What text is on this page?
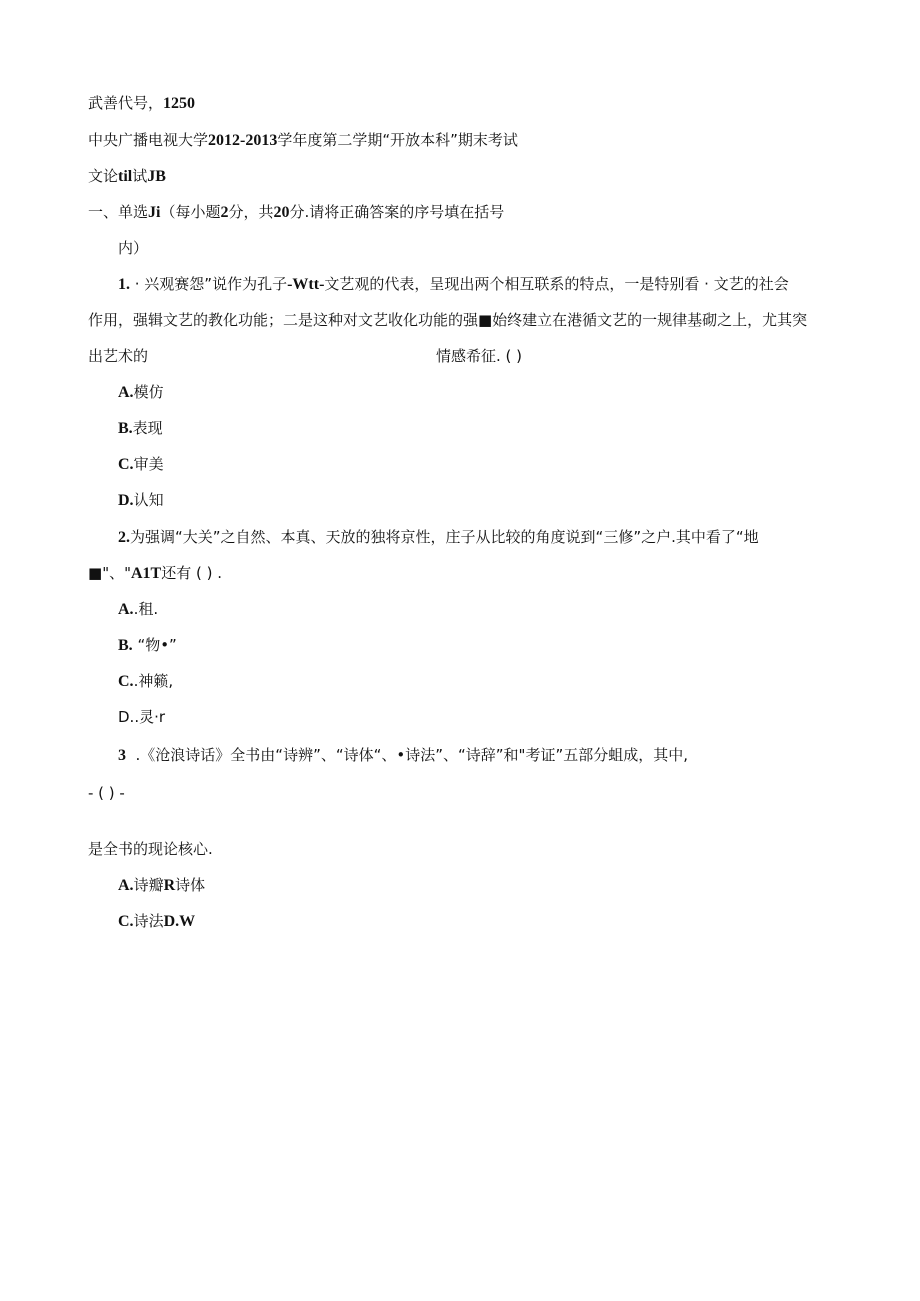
武善代号，1250
中央广播电视大学2012-2013学年度第二学期“开放本科”期末考试
文论til试JB
一、单选Ji（每小题2分，共20分.请将正确答案的序号填在括号
内）
1. · 兴观赛怨”说作为孔子-Wtt-文艺观的代表，呈现出两个相互联系的特点，一是特别看 · 文艺的社会
作用，强辑文艺的教化功能；二是这种对文艺收化功能的强■始终建立在港循文艺的一规律基砌之上，尤其突
出艺术的	情感希征. ( )
A.模仿
B.表现
C.审美
D.认知
2.为强调“大关”之自然、本真、天放的独将京性，庄子从比较的角度说到“三修”之户.其中看了“地
■"、"A1T还有 ( ) .
A..租.
B. “物•”
C..神籁,
D..灵·r
3  .《沧浪诗话》全书由“诗辨”、“诗体“、•诗法”、“诗辞”和"考证”五部分蛆成，其中,
- ( ) -
是全书的现论核心.
A.诗瓣R诗体
C.诗法D.W
